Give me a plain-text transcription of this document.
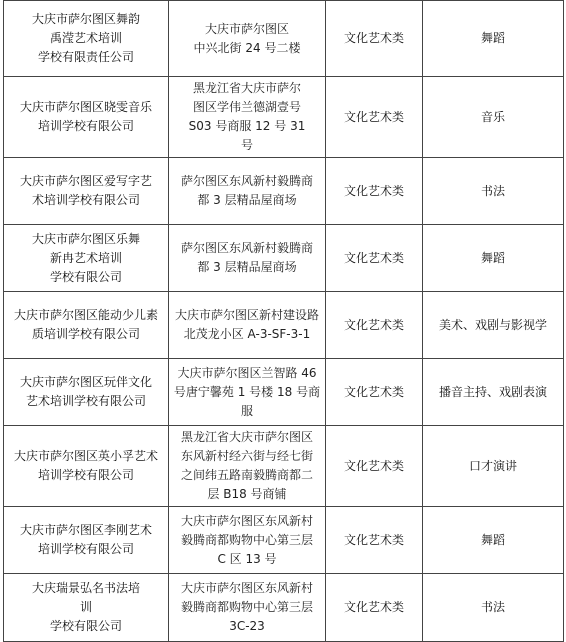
大庆市萨尔图区舞韵
禹滢艺术培训
学校有限责任公司	大庆市萨尔图区
中兴北街 24 号二楼	文化艺术类	舞蹈

大庆市萨尔图区晓雯音乐
培训学校有限公司	黑龙江省大庆市萨尔
图区学伟兰德湖壹号
S03 号商服 12 号 31
号	文化艺术类	音乐

大庆市萨尔图区爱写字艺
术培训学校有限公司	萨尔图区东风新村毅腾商
都 3 层精品屋商场	文化艺术类	书法

大庆市萨尔图区乐舞
新冉艺术培训
学校有限公司	萨尔图区东风新村毅腾商
都 3 层精品屋商场	文化艺术类	舞蹈

大庆市萨尔图区能动少儿素
质培训学校有限公司	大庆市萨尔图区新村建设路
北茂龙小区 A-3-SF-3-1	文化艺术类	美术、戏剧与影视学

大庆市萨尔图区玩伴文化
艺术培训学校有限公司	大庆市萨尔图区兰智路 46
号唐宁馨苑 1 号楼 18 号商
服	文化艺术类	播音主持、戏剧表演

大庆市萨尔图区英小孚艺术
培训学校有限公司	黑龙江省大庆市萨尔图区
东风新村经六街与经七街
之间纬五路南毅腾商都二
层 B18 号商铺	文化艺术类	口才演讲

大庆市萨尔图区李刚艺术
培训学校有限公司	大庆市萨尔图区东风新村
毅腾商都购物中心第三层
C 区 13 号	文化艺术类	舞蹈

大庆瑞景弘名书法培
训
学校有限公司	大庆市萨尔图区东风新村
毅腾商都购物中心第三层
3C-23	文化艺术类	书法
